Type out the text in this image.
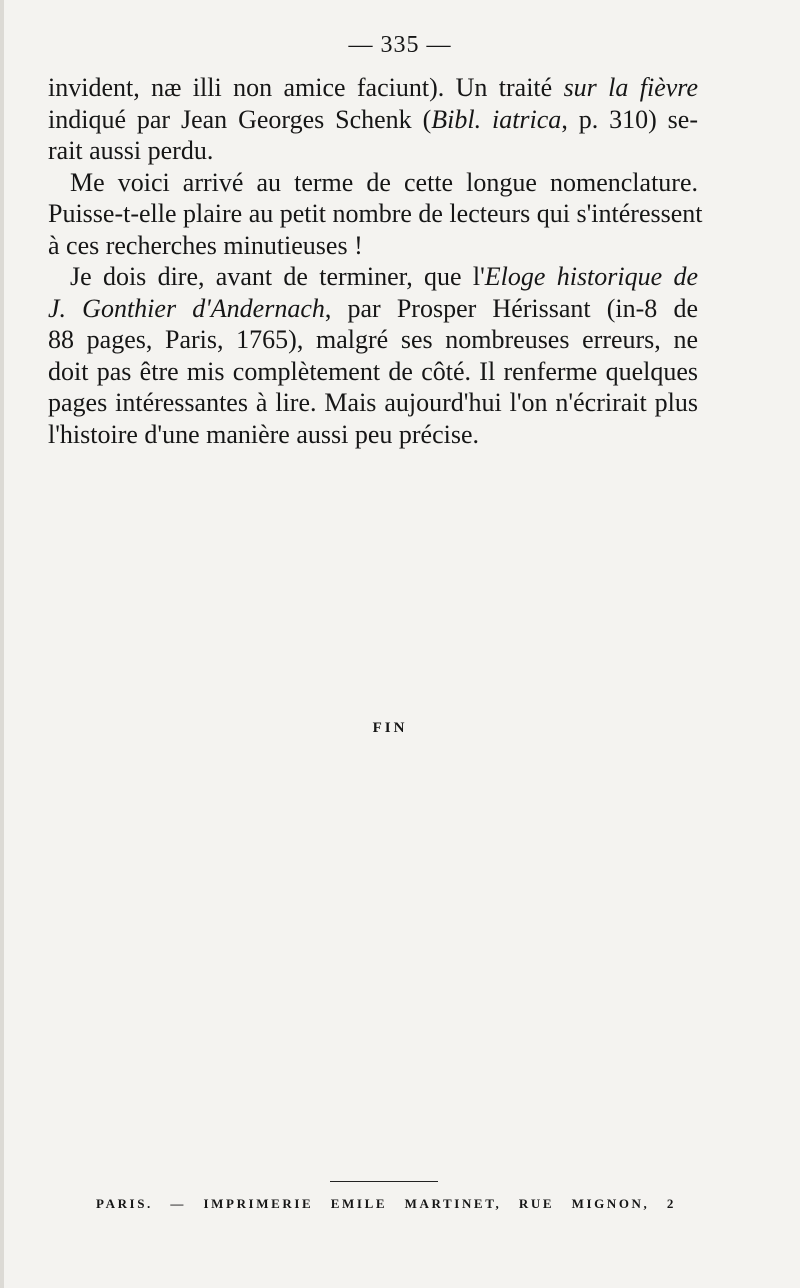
— 335 —
invident, næ illi non amice faciunt). Un traité sur la fièvre
indiqué par Jean Georges Schenk (Bibl. iatrica, p. 310) se-
rait aussi perdu.
Me voici arrivé au terme de cette longue nomenclature.
Puisse-t-elle plaire au petit nombre de lecteurs qui s'intéressent
à ces recherches minutieuses !
Je dois dire, avant de terminer, que l'Eloge historique de
J. Gonthier d'Andernach, par Prosper Hérissant (in-8 de
88 pages, Paris, 1765), malgré ses nombreuses erreurs, ne
doit pas être mis complètement de côté. Il renferme quelques
pages intéressantes à lire. Mais aujourd'hui l'on n'écrirait plus
l'histoire d'une manière aussi peu précise.
FIN
PARIS. — IMPRIMERIE EMILE MARTINET, RUE MIGNON, 2
